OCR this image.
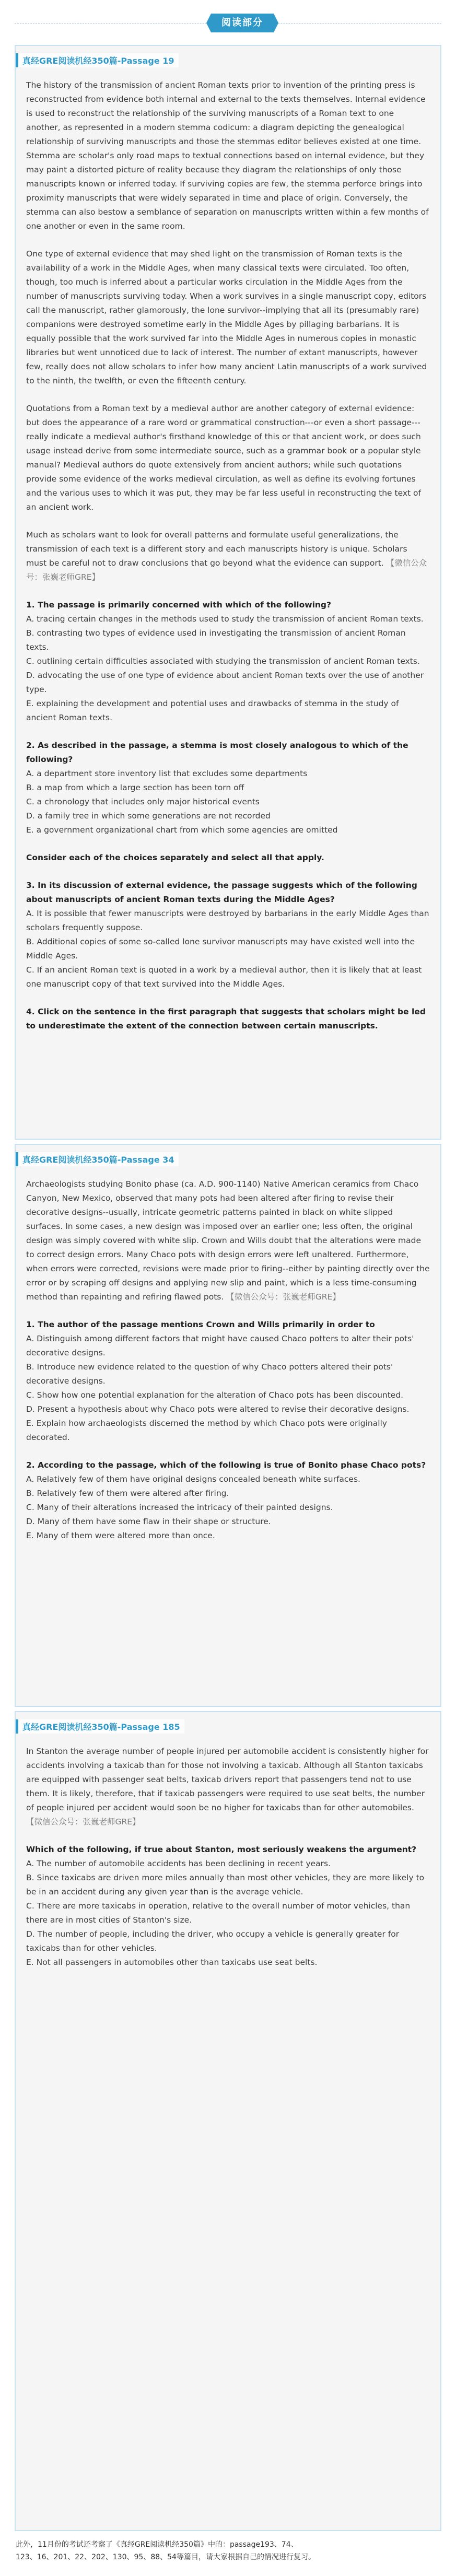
阅读部分
真经GRE阅读机经350篇-Passage 19

The history of the transmission of ancient Roman texts prior to invention of the printing press is reconstructed from evidence both internal and external to the texts themselves. Internal evidence is used to reconstruct the relationship of the surviving manuscripts of a Roman text to one another, as represented in a modern stemma codicum: a diagram depicting the genealogical relationship of surviving manuscripts and those the stemmas editor believes existed at one time. Stemma are scholar's only road maps to textual connections based on internal evidence, but they may paint a distorted picture of reality because they diagram the relationships of only those manuscripts known or inferred today. If surviving copies are few, the stemma perforce brings into proximity manuscripts that were widely separated in time and place of origin. Conversely, the stemma can also bestow a semblance of separation on manuscripts written within a few months of one another or even in the same room.

One type of external evidence that may shed light on the transmission of Roman texts is the availability of a work in the Middle Ages, when many classical texts were circulated. Too often, though, too much is inferred about a particular works circulation in the Middle Ages from the number of manuscripts surviving today. When a work survives in a single manuscript copy, editors call the manuscript, rather glamorously, the lone survivor--implying that all its (presumably rare) companions were destroyed sometime early in the Middle Ages by pillaging barbarians. It is equally possible that the work survived far into the Middle Ages in numerous copies in monastic libraries but went unnoticed due to lack of interest. The number of extant manuscripts, however few, really does not allow scholars to infer how many ancient Latin manuscripts of a work survived to the ninth, the twelfth, or even the fifteenth century.

Quotations from a Roman text by a medieval author are another category of external evidence: but does the appearance of a rare word or grammatical construction---or even a short passage---really indicate a medieval author's firsthand knowledge of this or that ancient work, or does such usage instead derive from some intermediate source, such as a grammar book or a popular style manual? Medieval authors do quote extensively from ancient authors; while such quotations provide some evidence of the works medieval circulation, as well as define its evolving fortunes and the various uses to which it was put, they may be far less useful in reconstructing the text of an ancient work.

Much as scholars want to look for overall patterns and formulate useful generalizations, the transmission of each text is a different story and each manuscripts history is unique. Scholars must be careful not to draw conclusions that go beyond what the evidence can support. 【微信公众号：张巍老师GRE】

1. The passage is primarily concerned with which of the following?

A. tracing certain changes in the methods used to study the transmission of ancient Roman texts.

B. contrasting two types of evidence used in investigating the transmission of ancient Roman texts.

C. outlining certain difficulties associated with studying the transmission of ancient Roman texts.

D. advocating the use of one type of evidence about ancient Roman texts over the use of another type.

E. explaining the development and potential uses and drawbacks of stemma in the study of ancient Roman texts.

2. As described in the passage, a stemma is most closely analogous to which of the following?

A. a department store inventory list that excludes some departments

B. a map from which a large section has been torn off

C. a chronology that includes only major historical events

D. a family tree in which some generations are not recorded

E. a government organizational chart from which some agencies are omitted

Consider each of the choices separately and select all that apply.

3. In its discussion of external evidence, the passage suggests which of the following about manuscripts of ancient Roman texts during the Middle Ages?

A. It is possible that fewer manuscripts were destroyed by barbarians in the early Middle Ages than scholars frequently suppose.

B. Additional copies of some so-called lone survivor manuscripts may have existed well into the Middle Ages.

C. If an ancient Roman text is quoted in a work by a medieval author, then it is likely that at least one manuscript copy of that text survived into the Middle Ages.

4. Click on the sentence in the first paragraph that suggests that scholars might be led to underestimate the extent of the connection between certain manuscripts.

真经GRE阅读机经350篇-Passage 34

Archaeologists studying Bonito phase (ca. A.D. 900-1140) Native American ceramics from Chaco Canyon, New Mexico, observed that many pots had been altered after firing to revise their decorative designs--usually, intricate geometric patterns painted in black on white slipped surfaces. In some cases, a new design was imposed over an earlier one; less often, the original design was simply covered with white slip. Crown and Wills doubt that the alterations were made to correct design errors. Many Chaco pots with design errors were left unaltered. Furthermore, when errors were corrected, revisions were made prior to firing--either by painting directly over the error or by scraping off designs and applying new slip and paint, which is a less time-consuming method than repainting and refiring flawed pots. 【微信公众号：张巍老师GRE】

1. The author of the passage mentions Crown and Wills primarily in order to

A. Distinguish among different factors that might have caused Chaco potters to alter their pots' decorative designs.

B. Introduce new evidence related to the question of why Chaco potters altered their pots' decorative designs.

C. Show how one potential explanation for the alteration of Chaco pots has been discounted.

D. Present a hypothesis about why Chaco pots were altered to revise their decorative designs.

E. Explain how archaeologists discerned the method by which Chaco pots were originally decorated.

2. According to the passage, which of the following is true of Bonito phase Chaco pots?

A. Relatively few of them have original designs concealed beneath white surfaces.

B. Relatively few of them were altered after firing.

C. Many of their alterations increased the intricacy of their painted designs.

D. Many of them have some flaw in their shape or structure.

E. Many of them were altered more than once.

真经GRE阅读机经350篇-Passage 185

In Stanton the average number of people injured per automobile accident is consistently higher for accidents involving a taxicab than for those not involving a taxicab. Although all Stanton taxicabs are equipped with passenger seat belts, taxicab drivers report that passengers tend not to use them. It is likely, therefore, that if taxicab passengers were required to use seat belts, the number of people injured per accident would soon be no higher for taxicabs than for other automobiles. 【微信公众号：张巍老师GRE】

Which of the following, if true about Stanton, most seriously weakens the argument?

A. The number of automobile accidents has been declining in recent years.

B. Since taxicabs are driven more miles annually than most other vehicles, they are more likely to be in an accident during any given year than is the average vehicle.

C. There are more taxicabs in operation, relative to the overall number of motor vehicles, than there are in most cities of Stanton's size.

D. The number of people, including the driver, who occupy a vehicle is generally greater for taxicabs than for other vehicles.

E. Not all passengers in automobiles other than taxicabs use seat belts.

此外，11月份的考试还考察了《真经GRE阅读机经350篇》中的：passage193、74、

123、16、201、22、202、130、95、88、54等篇目，请大家根据自己的情况进行复习。
